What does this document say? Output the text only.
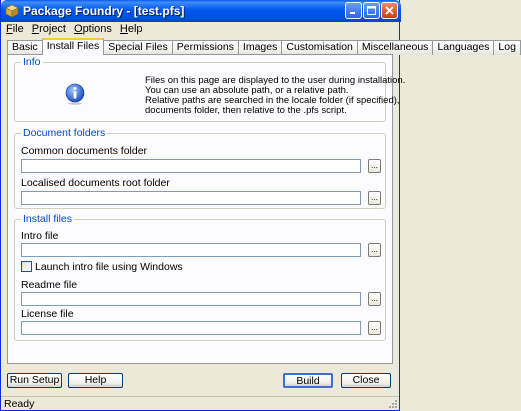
Package Foundry - [test.pfs]
File Project Options Help
Basic Install Files Special Files Permissions Images Customisation Miscellaneous Languages Log
Info
Files on this page are displayed to the user during installation.
You can use an absolute path, or a relative path.
Relative paths are searched in the locale folder (if specified),
documents folder, then relative to the .pfs script.
Document folders
Common documents folder
...
Localised documents root folder
...
Install files
Intro file
...
Launch intro file using Windows
Readme file
...
License file
...
Run Setup	Help	Build	Close
Ready
